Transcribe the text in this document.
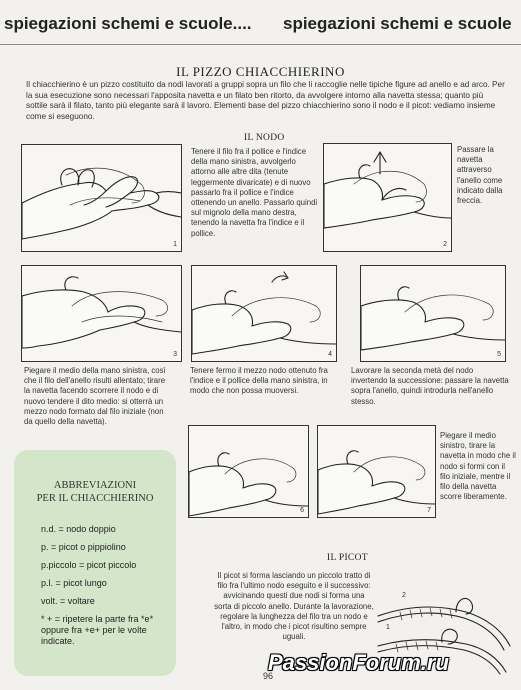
spiegazioni schemi e scuole.... spiegazioni schemi e scuole
IL PIZZO CHIACCHIERINO
Il chiacchierino è un pizzo costituito da nodi lavorati a gruppi sopra un filo che li raccoglie nelle tipiche figure ad anello e ad arco. Per la sua esecuzione sono necessari l'apposita navetta e un filato ben ritorto, da avvolgere intorno alla navetta stessa; quanto più sottile sarà il filato, tanto più elegante sarà il lavoro. Elementi base del pizzo chiacchierino sono il nodo e il picot: vediamo insieme come si eseguono.
IL NODO
1
Tenere il filo fra il pollice e l'indice della mano sinistra, avvolgerlo attorno alle altre dita (tenute leggermente divaricate) e di nuovo passarlo fra il pollice e l'indice ottenendo un anello. Passarlo quindi sul mignolo della mano destra, tenendo la navetta fra l'indice e il pollice.
2
Passare la navetta attraverso l'anello come indicato dalla freccia.
3
Piegare il medio della mano sinistra, così che il filo dell'anello risulti allentato; tirare la navetta facendo scorrere il nodo e di nuovo tendere il dito medio: si otterrà un mezzo nodo formato dal filo iniziale (non da quello della navetta).
4
Tenere fermo il mezzo nodo ottenuto fra l'indice e il pollice della mano sinistra, in modo che non possa muoversi.
5
Lavorare la seconda metà del nodo invertendo la successione: passare la navetta sopra l'anello, quindi introdurla nell'anello stesso.
6	7
Piegare il medio sinistro, tirare la navetta in modo che il nodo si formi con il filo iniziale, mentre il filo della navetta scorre liberamente.
ABBREVIAZIONI
PER IL CHIACCHIERINO
n.d. = nodo doppio
p. = picot o pippiolino
p.piccolo = picot piccolo
p.l. = picot lungo
volt. = voltare
* + = ripetere la parte fra *e*
oppure fra +e+ per le volte
indicate.
IL PICOT
Il picot si forma lasciando un piccolo tratto di filo fra l'ultimo nodo eseguito e il successivo: avvicinando questi due nodi si forma una sorta di piccolo anello. Durante la lavorazione, regolare la lunghezza del filo tra un nodo e l'altro, in modo che i picot risultino sempre uguali.
2
1
96
PassionForum.ru
